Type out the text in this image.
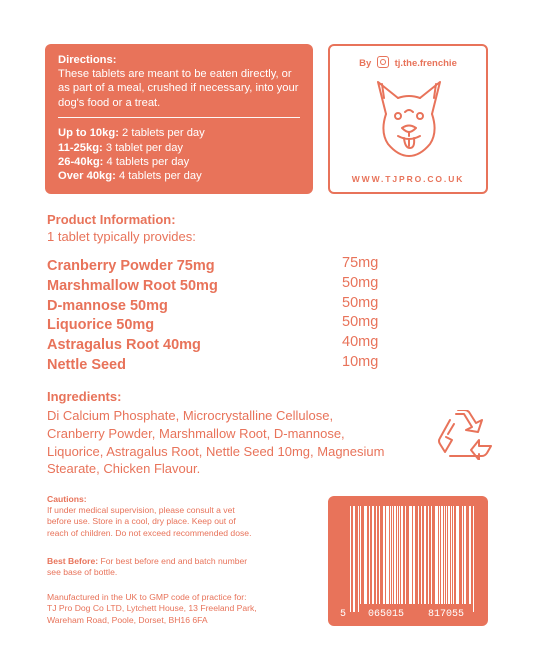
Directions:
These tablets are meant to be eaten directly, or as part of a meal, crushed if necessary, into your dog's food or a treat.
Up to 10kg: 2 tablets per day
11-25kg: 3 tablet per day
26-40kg: 4 tablets per day
Over 40kg: 4 tablets per day
By tj.the.frenchie
WWW.TJPRO.CO.UK
Product Information:
1 tablet typically provides:
Cranberry Powder 75mg
Marshmallow Root 50mg
D-mannose 50mg
Liquorice 50mg
Astragalus Root 40mg
Nettle Seed
75mg
50mg
50mg
50mg
40mg
10mg
Ingredients:
Di Calcium Phosphate, Microcrystalline Cellulose,
Cranberry Powder, Marshmallow Root, D-mannose,
Liquorice, Astragalus Root, Nettle Seed 10mg, Magnesium
Stearate, Chicken Flavour.
Cautions:
If under medical supervision, please consult a vet
before use. Store in a cool, dry place. Keep out of
reach of children. Do not exceed recommended dose.
Best Before: For best before end and batch number
see base of bottle.
Manufactured in the UK to GMP code of practice for:
TJ Pro Dog Co LTD, Lytchett House, 13 Freeland Park,
Wareham Road, Poole, Dorset, BH16 6FA	5 065015 817055
